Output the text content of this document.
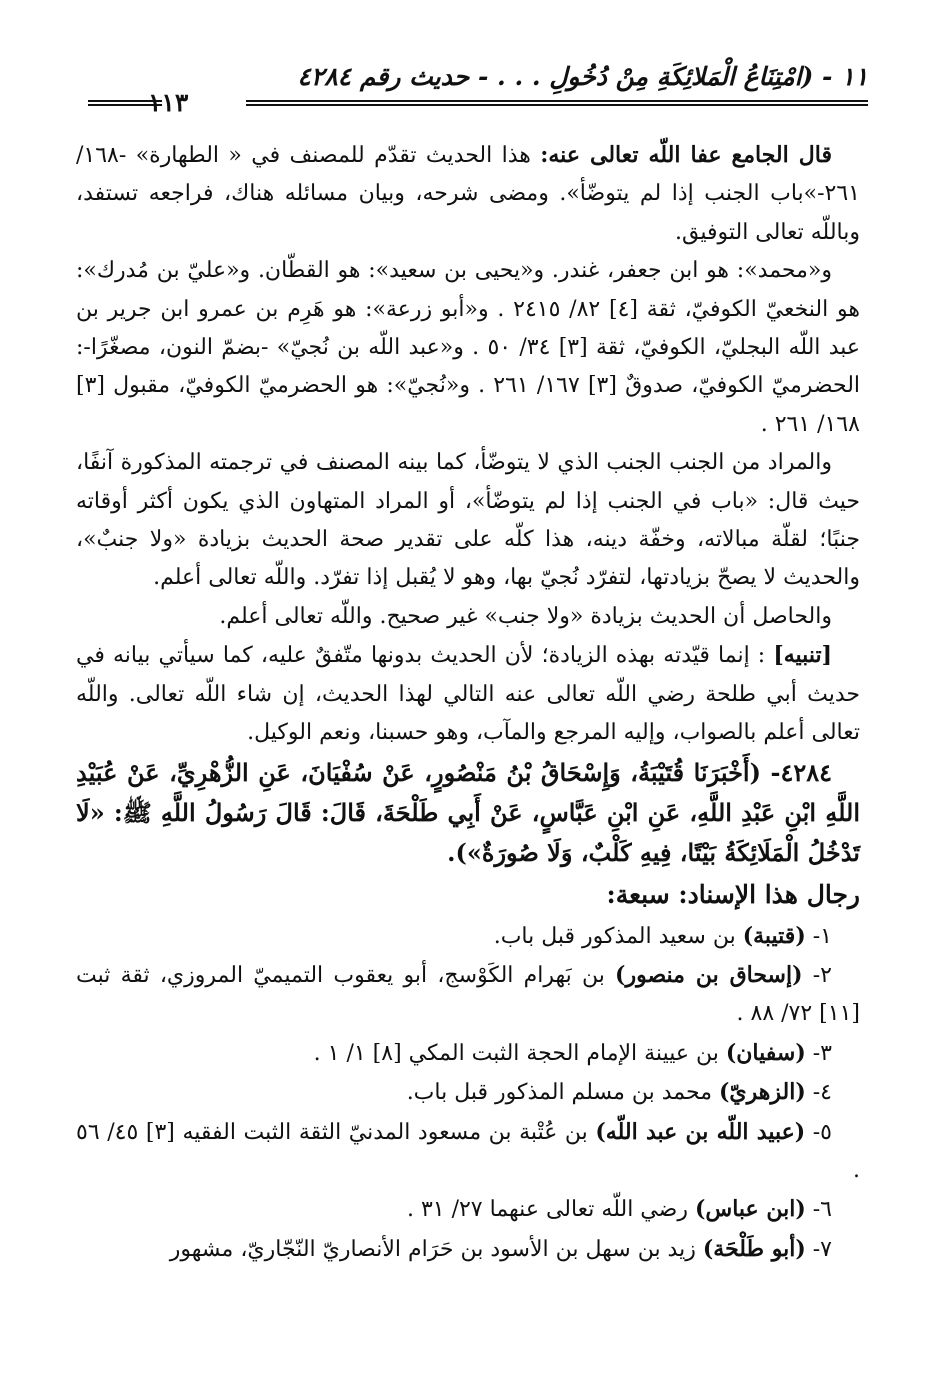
١١ - (امْتِنَاعُ الْمَلائِكَةِ مِنْ دُخُولِ . . . - حديث رقم ٤٢٨٤
١١٣

قال الجامع عفا اللّه تعالى عنه: هذا الحديث تقدّم للمصنف في « الطهارة» -١٦٨/ ٢٦١-»باب الجنب إذا لم يتوضّأ». ومضى شرحه، وبيان مسائله هناك، فراجعه تستفد، وباللّه تعالى التوفيق.

و«محمد»: هو ابن جعفر، غندر. و«يحيى بن سعيد»: هو القطّان. و«عليّ بن مُدرك»: هو النخعيّ الكوفيّ، ثقة [٤] ٨٢/ ٢٤١٥ . و«أبو زرعة»: هو هَرِم بن عمرو ابن جرير بن عبد اللّه البجليّ، الكوفيّ، ثقة [٣] ٣٤/ ٥٠ . و«عبد اللّه بن نُجيّ» -بضمّ النون، مصغّرًا-: الحضرميّ الكوفيّ، صدوقٌ [٣] ١٦٧/ ٢٦١ . و«نُجيّ»: هو الحضرميّ الكوفيّ، مقبول [٣] ١٦٨/ ٢٦١ .

والمراد من الجنب الجنب الذي لا يتوضّأ، كما بينه المصنف في ترجمته المذكورة آنفًا، حيث قال: «باب في الجنب إذا لم يتوضّأ»، أو المراد المتهاون الذي يكون أكثر أوقاته جنبًا؛ لقلّة مبالاته، وخفّة دينه، هذا كلّه على تقدير صحة الحديث بزيادة «ولا جنبٌ»، والحديث لا يصحّ بزيادتها، لتفرّد نُجيّ بها، وهو لا يُقبل إذا تفرّد. واللّه تعالى أعلم.

والحاصل أن الحديث بزيادة «ولا جنب» غير صحيح. واللّه تعالى أعلم.

[تنبيه] : إنما قيّدته بهذه الزيادة؛ لأن الحديث بدونها متّفقٌ عليه، كما سيأتي بيانه في حديث أبي طلحة رضي اللّه تعالى عنه التالي لهذا الحديث، إن شاء اللّه تعالى. واللّه تعالى أعلم بالصواب، وإليه المرجع والمآب، وهو حسبنا، ونعم الوكيل.

٤٢٨٤- (أَخْبَرَنَا قُتَيْبَةُ، وَإِسْحَاقُ بْنُ مَنْصُورٍ، عَنْ سُفْيَانَ، عَنِ الزُّهْرِيِّ، عَنْ عُبَيْدِ اللَّهِ ابْنِ عَبْدِ اللَّهِ، عَنِ ابْنِ عَبَّاسٍ، عَنْ أَبِي طَلْحَةَ، قَالَ: قَالَ رَسُولُ اللَّهِ ﷺ: «لَا تَدْخُلُ الْمَلَائِكَةُ بَيْتًا، فِيهِ كَلْبٌ، وَلَا صُورَةٌ»).

رجال هذا الإسناد: سبعة:

١- (قتيبة) بن سعيد المذكور قبل باب.

٢- (إسحاق بن منصور) بن بَهرام الكَوْسج، أبو يعقوب التميميّ المروزي، ثقة ثبت [١١] ٧٢/ ٨٨ .

٣- (سفيان) بن عيينة الإمام الحجة الثبت المكي [٨] ١/ ١ .

٤- (الزهريّ) محمد بن مسلم المذكور قبل باب.

٥- (عبيد اللّه بن عبد اللّه) بن عُتْبة بن مسعود المدنيّ الثقة الثبت الفقيه [٣] ٤٥/ ٥٦ .

٦- (ابن عباس) رضي اللّه تعالى عنهما ٢٧/ ٣١ .

٧- (أبو طَلْحَة) زيد بن سهل بن الأسود بن حَرَام الأنصاريّ النّجّاريّ، مشهور
